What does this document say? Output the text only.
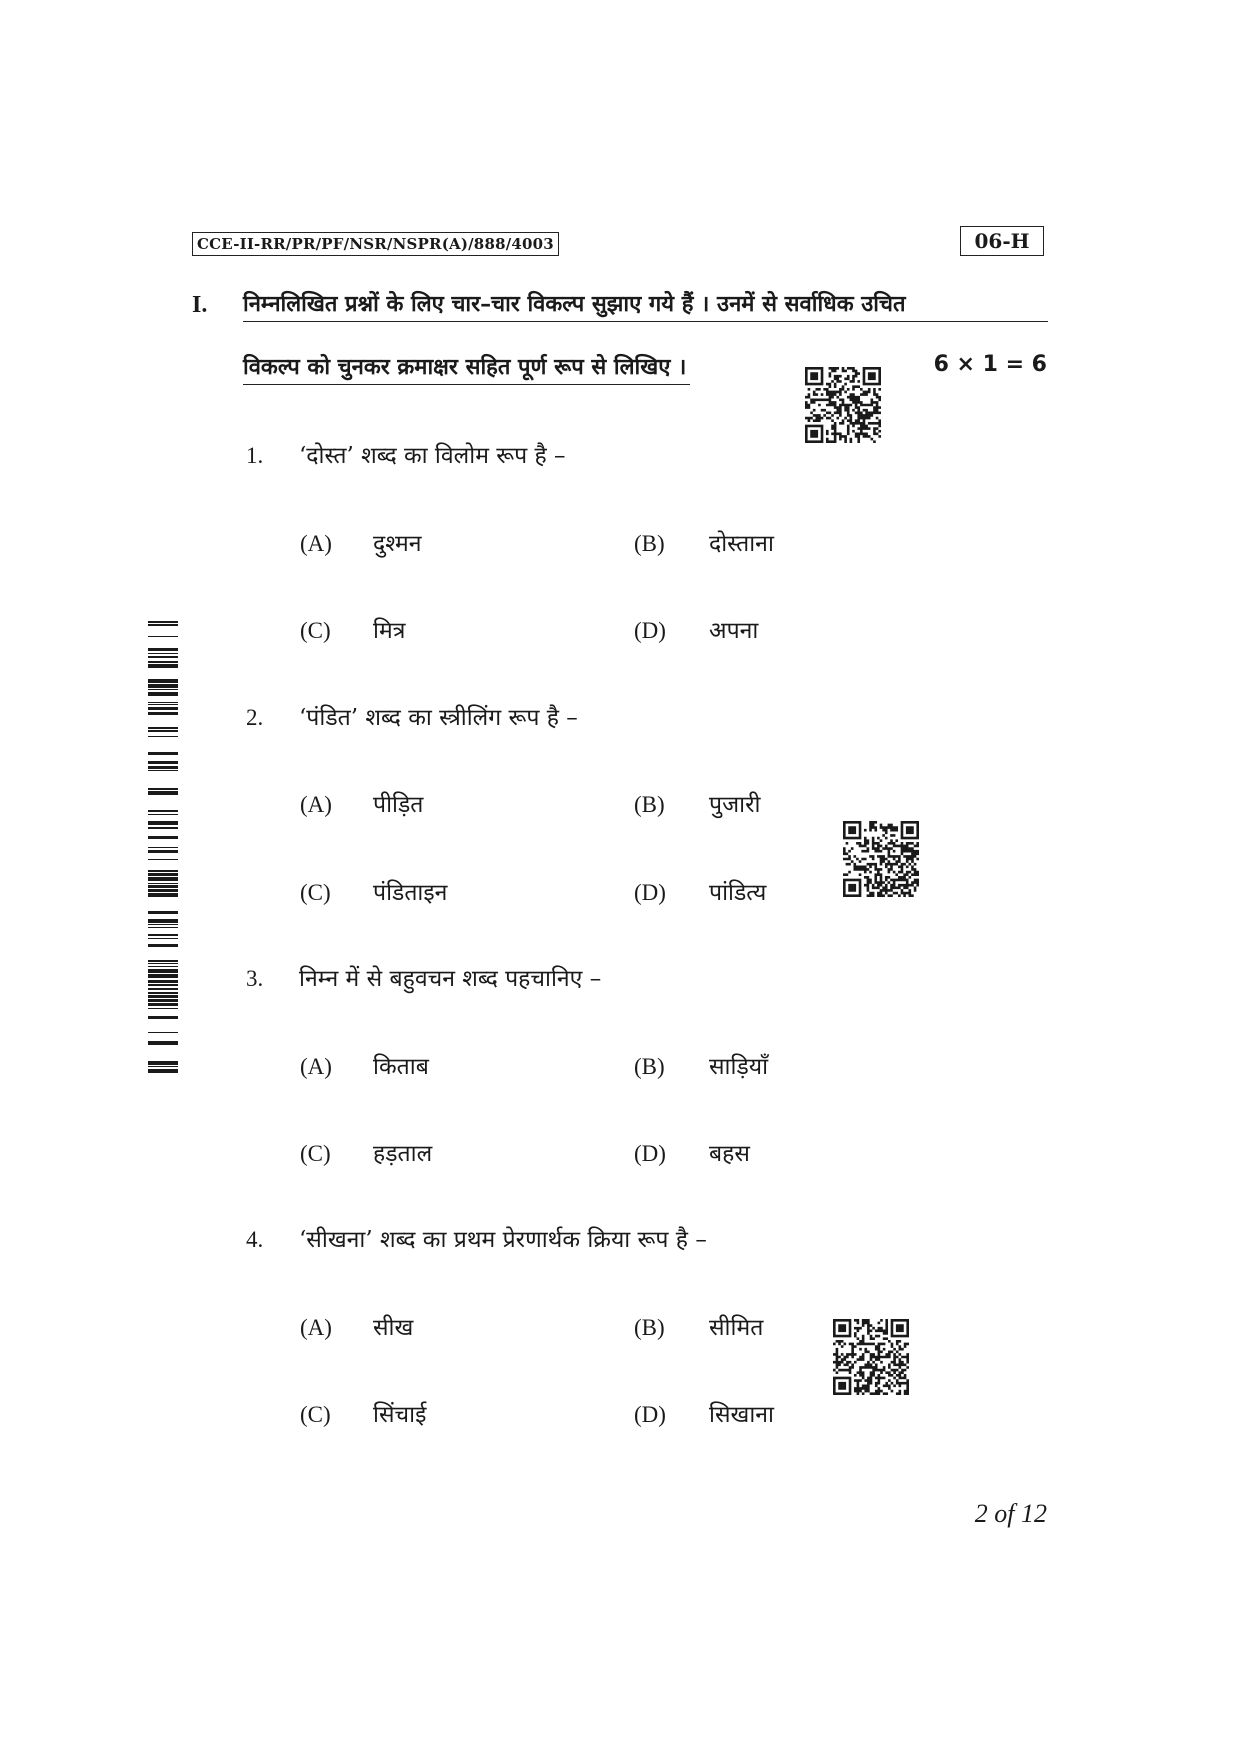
CCE-II-RR/PR/PF/NSR/NSPR(A)/888/4003	06-H
I. निम्नलिखित प्रश्नों के लिए चार–चार विकल्प सुझाए गये हैं । उनमें से सर्वाधिक उचित
विकल्प को चुनकर क्रमाक्षर सहित पूर्ण रूप से लिखिए ।	6 × 1 = 6
1. ‘दोस्त’ शब्द का विलोम रूप है –
(A) दुश्मन	(B) दोस्ताना
(C) मित्र	(D) अपना
2. ‘पंडित’ शब्द का स्त्रीलिंग रूप है –
(A) पीड़ित	(B) पुजारी
(C) पंडिताइन	(D) पांडित्य
3. निम्न में से बहुवचन शब्द पहचानिए –
(A) किताब	(B) साड़ियाँ
(C) हड़ताल	(D) बहस
4. ‘सीखना’ शब्द का प्रथम प्रेरणार्थक क्रिया रूप है –
(A) सीख	(B) सीमित
(C) सिंचाई	(D) सिखाना
2 of 12
